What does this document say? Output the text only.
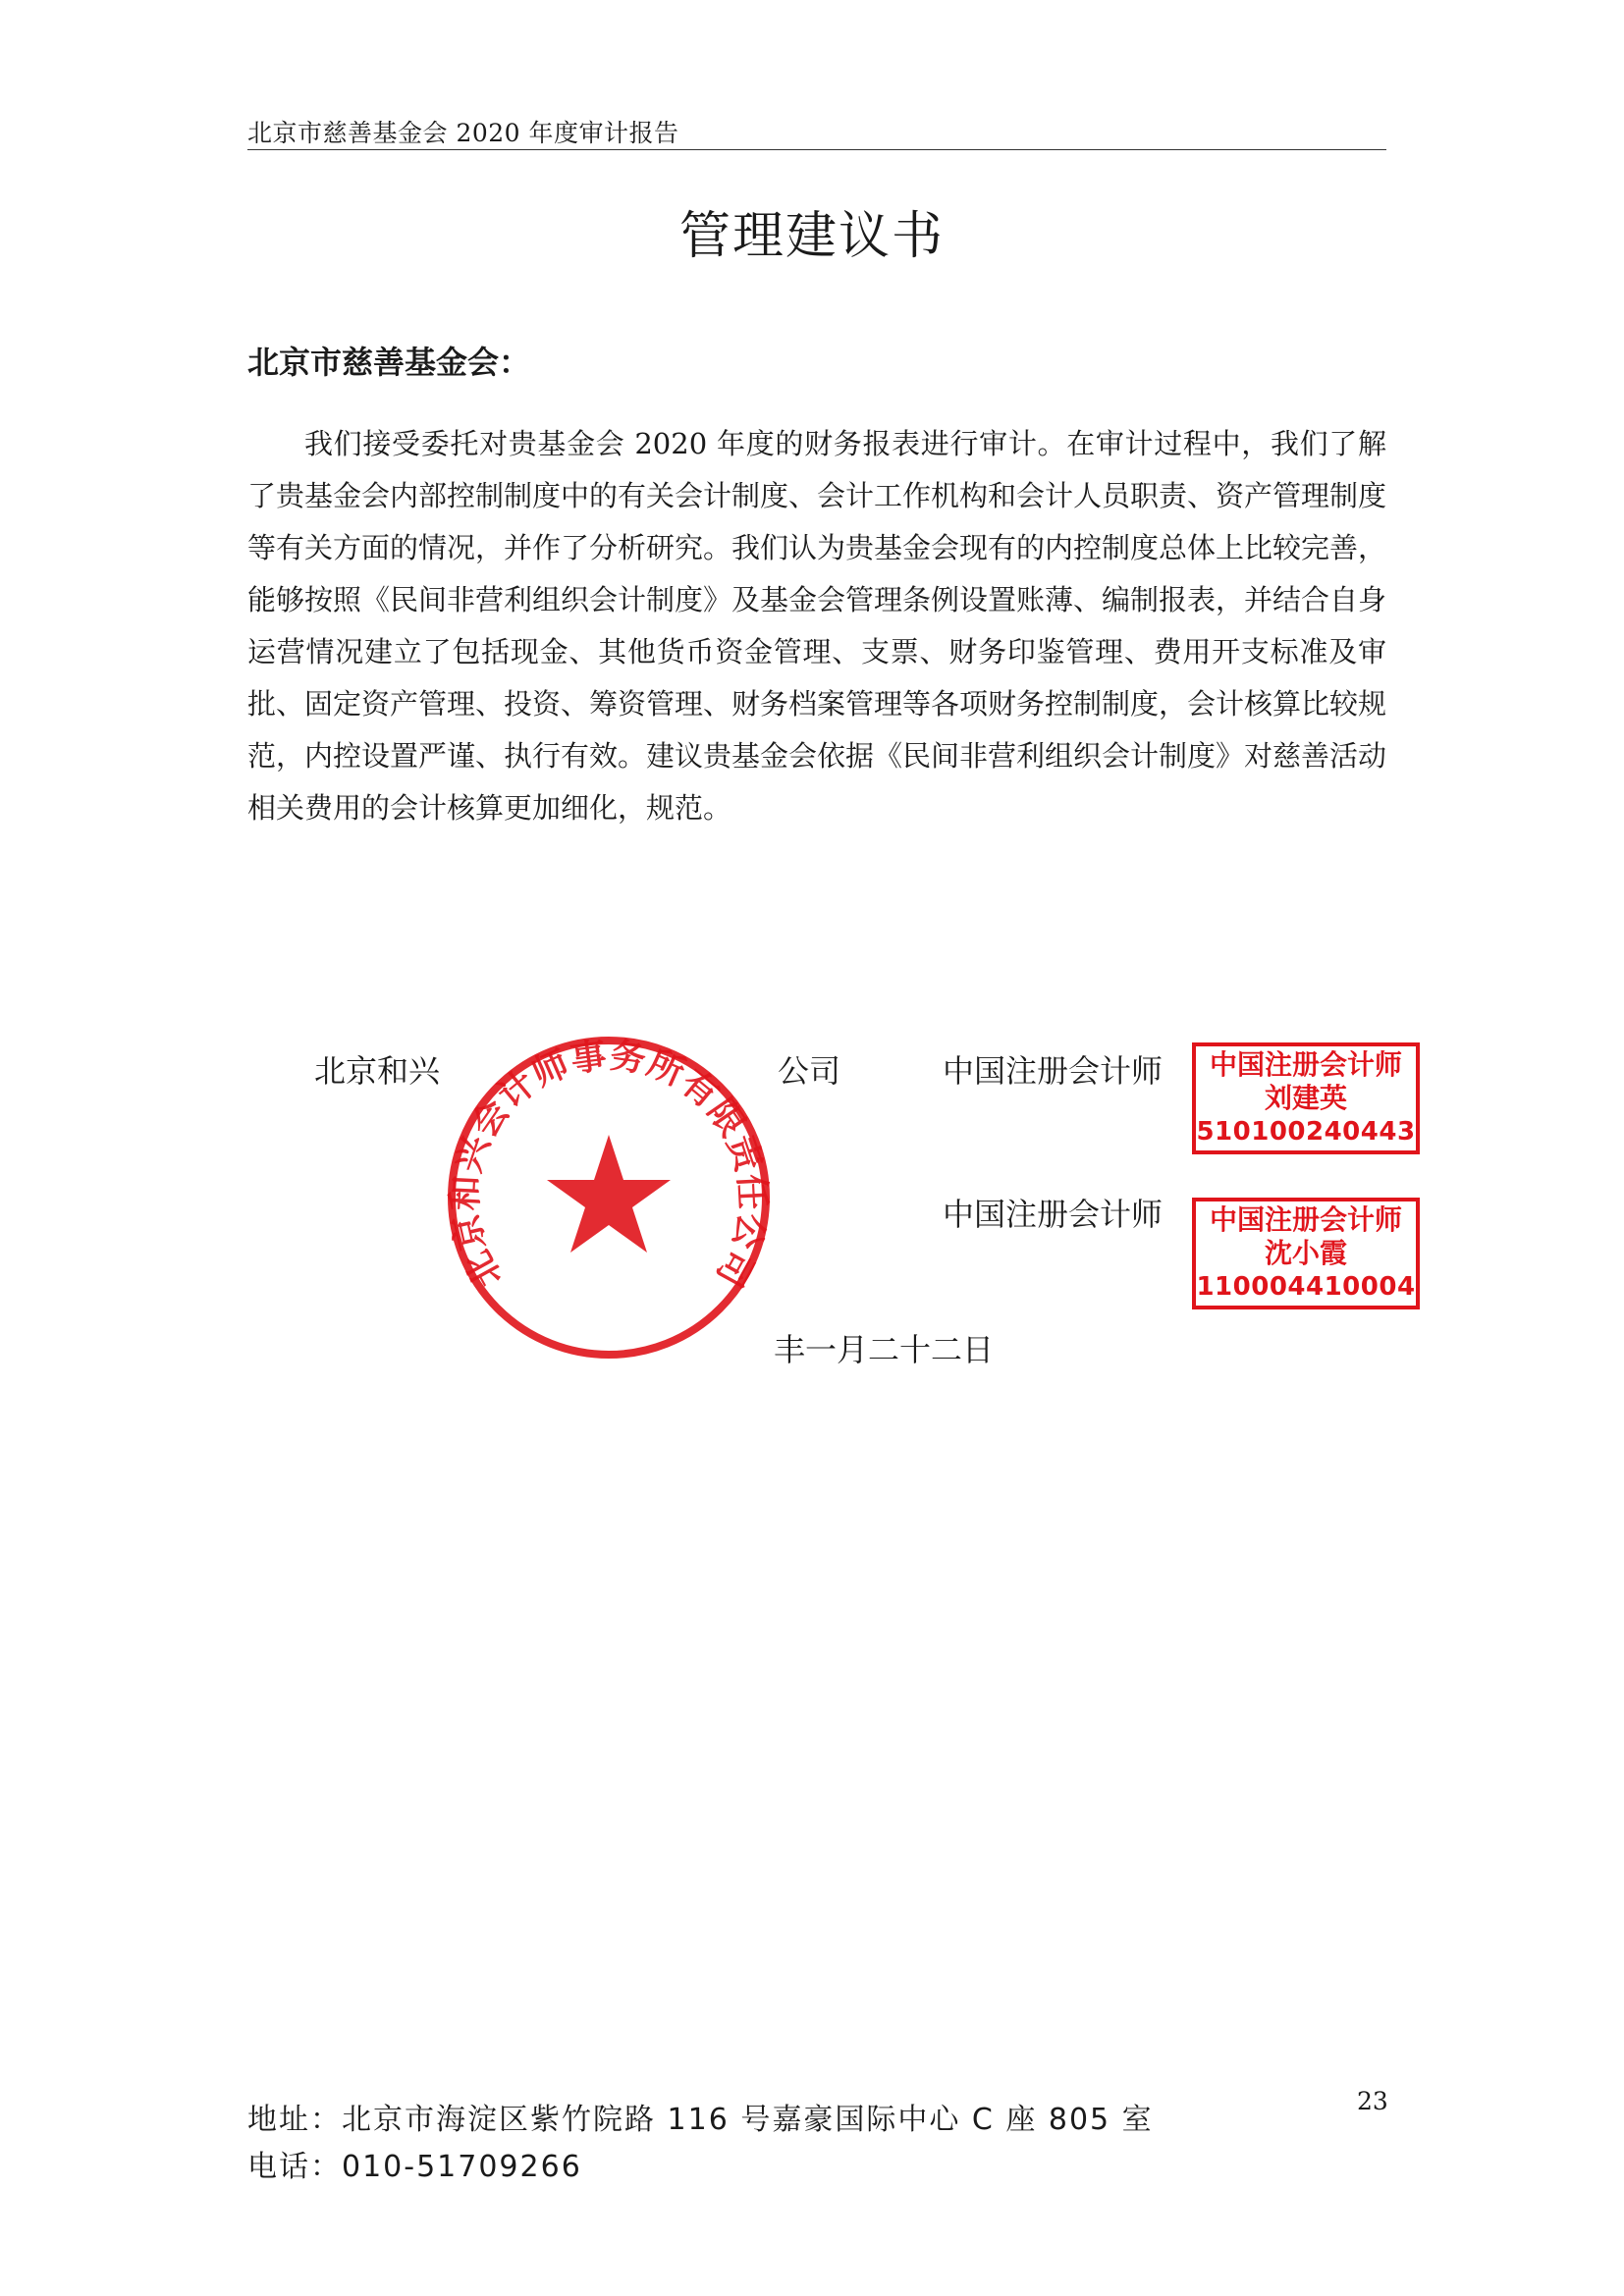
北京市慈善基金会 2020 年度审计报告
管理建议书
北京市慈善基金会：

我们接受委托对贵基金会 2020 年度的财务报表进行审计。在审计过程中，我们了解了贵基金会内部控制制度中的有关会计制度、会计工作机构和会计人员职责、资产管理制度等有关方面的情况，并作了分析研究。我们认为贵基金会现有的内控制度总体上比较完善，能够按照《民间非营利组织会计制度》及基金会管理条例设置账薄、编制报表，并结合自身运营情况建立了包括现金、其他货币资金管理、支票、财务印鉴管理、费用开支标准及审批、固定资产管理、投资、筹资管理、财务档案管理等各项财务控制制度，会计核算比较规范，内控设置严谨、执行有效。建议贵基金会依据《民间非营利组织会计制度》对慈善活动相关费用的会计核算更加细化，规范。

北京和兴	公司	中国注册会计师
中国注册会计师
丰一月二十二日
北京和兴会计师事务所有限责任公司
中国注册会计师
刘建英
510100240443
中国注册会计师
沈小霞
110004410004
23
地址：北京市海淀区紫竹院路 116 号嘉豪国际中心 C 座 805 室
电话：010-51709266
